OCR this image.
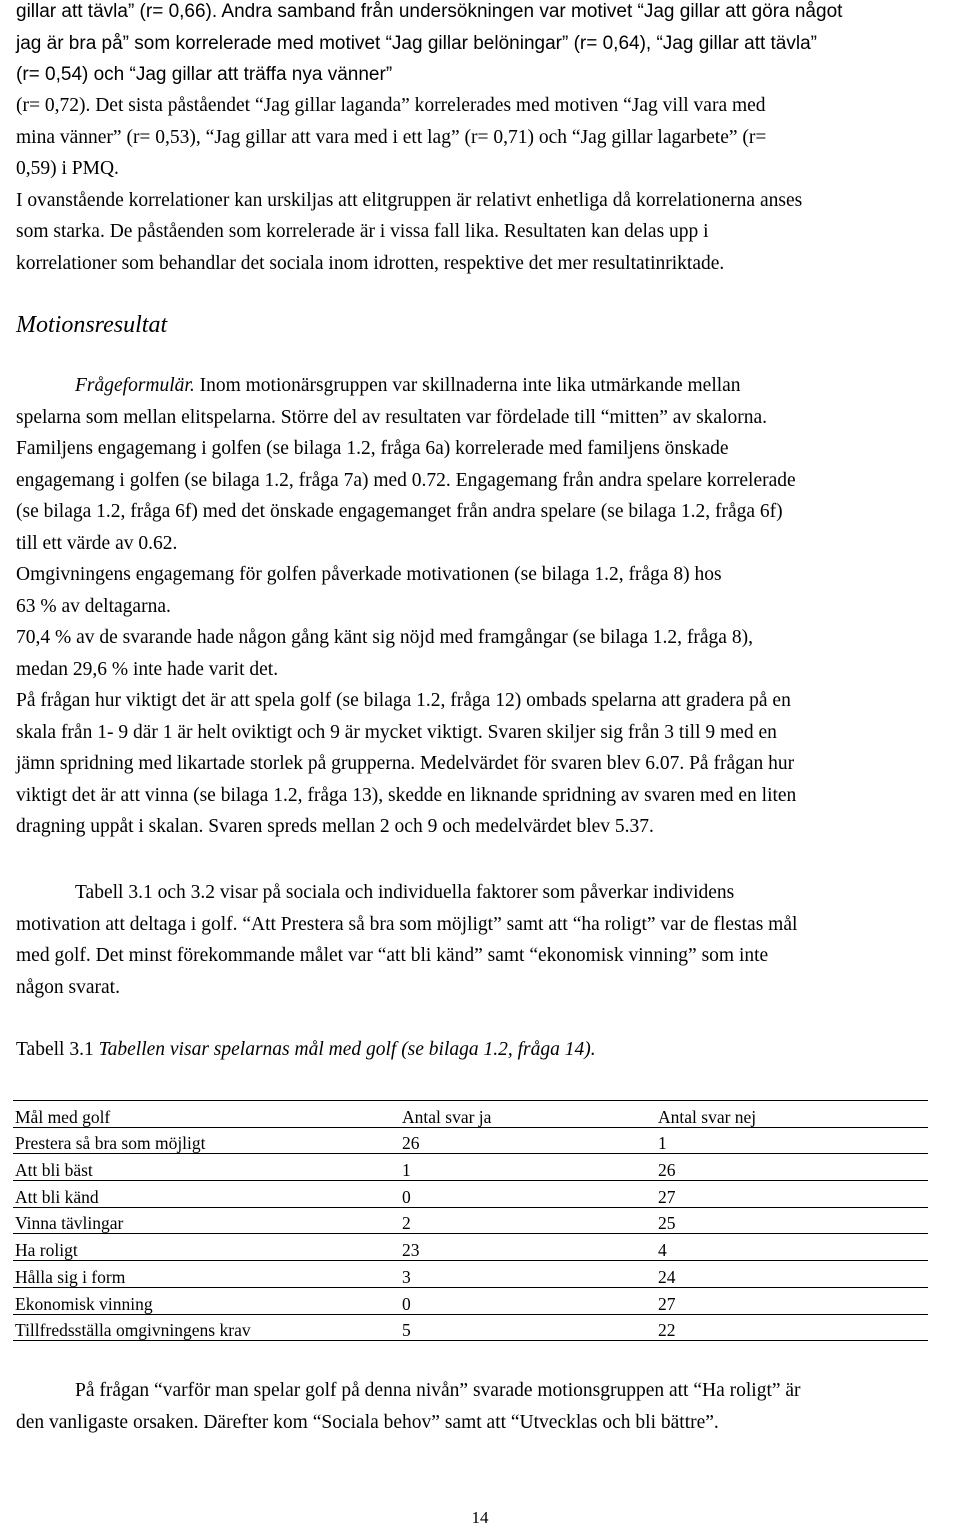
gillar att tävla” (r= 0,66). Andra samband från undersökningen var motivet “Jag gillar att göra något
jag är bra på” som korrelerade med motivet “Jag gillar belöningar” (r= 0,64), “Jag gillar att tävla”
(r= 0,54) och “Jag gillar att träffa nya vänner”
(r= 0,72). Det sista påståendet “Jag gillar laganda” korrelerades med motiven “Jag vill vara med
mina vänner” (r= 0,53), “Jag gillar att vara med i ett lag” (r= 0,71) och “Jag gillar lagarbete” (r=
0,59) i PMQ.
I ovanstående korrelationer kan urskiljas att elitgruppen är relativt enhetliga då korrelationerna anses
som starka. De påståenden som korrelerade är i vissa fall lika. Resultaten kan delas upp i
korrelationer som behandlar det sociala inom idrotten, respektive det mer resultatinriktade.
Frågeformulär. Inom motionärsgruppen var skillnaderna inte lika utmärkande mellan
spelarna som mellan elitspelarna. Större del av resultaten var fördelade till “mitten” av skalorna.
Familjens engagemang i golfen (se bilaga 1.2, fråga 6a) korrelerade med familjens önskade
engagemang i golfen (se bilaga 1.2, fråga 7a) med 0.72. Engagemang från andra spelare korrelerade
(se bilaga 1.2, fråga 6f) med det önskade engagemanget från andra spelare (se bilaga 1.2, fråga 6f)
till ett värde av 0.62.
Omgivningens engagemang för golfen påverkade motivationen (se bilaga 1.2, fråga 8) hos
63 % av deltagarna.
70,4 % av de svarande hade någon gång känt sig nöjd med framgångar (se bilaga 1.2, fråga 8),
medan 29,6 % inte hade varit det.
På frågan hur viktigt det är att spela golf (se bilaga 1.2, fråga 12) ombads spelarna att gradera på en
skala från 1- 9 där 1 är helt oviktigt och 9 är mycket viktigt. Svaren skiljer sig från 3 till 9 med en
jämn spridning med likartade storlek på grupperna. Medelvärdet för svaren blev 6.07. På frågan hur
viktigt det är att vinna (se bilaga 1.2, fråga 13), skedde en liknande spridning av svaren med en liten
dragning uppåt i skalan. Svaren spreds mellan 2 och 9 och medelvärdet blev 5.37.
Tabell 3.1 och 3.2 visar på sociala och individuella faktorer som påverkar individens
motivation att deltaga i golf. “Att Prestera så bra som möjligt” samt att “ha roligt” var de flestas mål
med golf. Det minst förekommande målet var “att bli känd” samt “ekonomisk vinning” som inte
någon svarat.
Tabell 3.1 Tabellen visar spelarnas mål med golf (se bilaga 1.2, fråga 14).
På frågan “varför man spelar golf på denna nivån” svarade motionsgruppen att “Ha roligt” är
den vanligaste orsaken. Därefter kom “Sociala behov” samt att “Utvecklas och bli bättre”.
Motionsresultat
Mål med golf	Antal svar ja	Antal svar nej
Prestera så bra som möjligt	26	1
Att bli bäst	1	26
Att bli känd	0	27
Vinna tävlingar	2	25
Ha roligt	23	4
Hålla sig i form	3	24
Ekonomisk vinning	0	27
Tillfredsställa omgivningens krav	5	22
14
